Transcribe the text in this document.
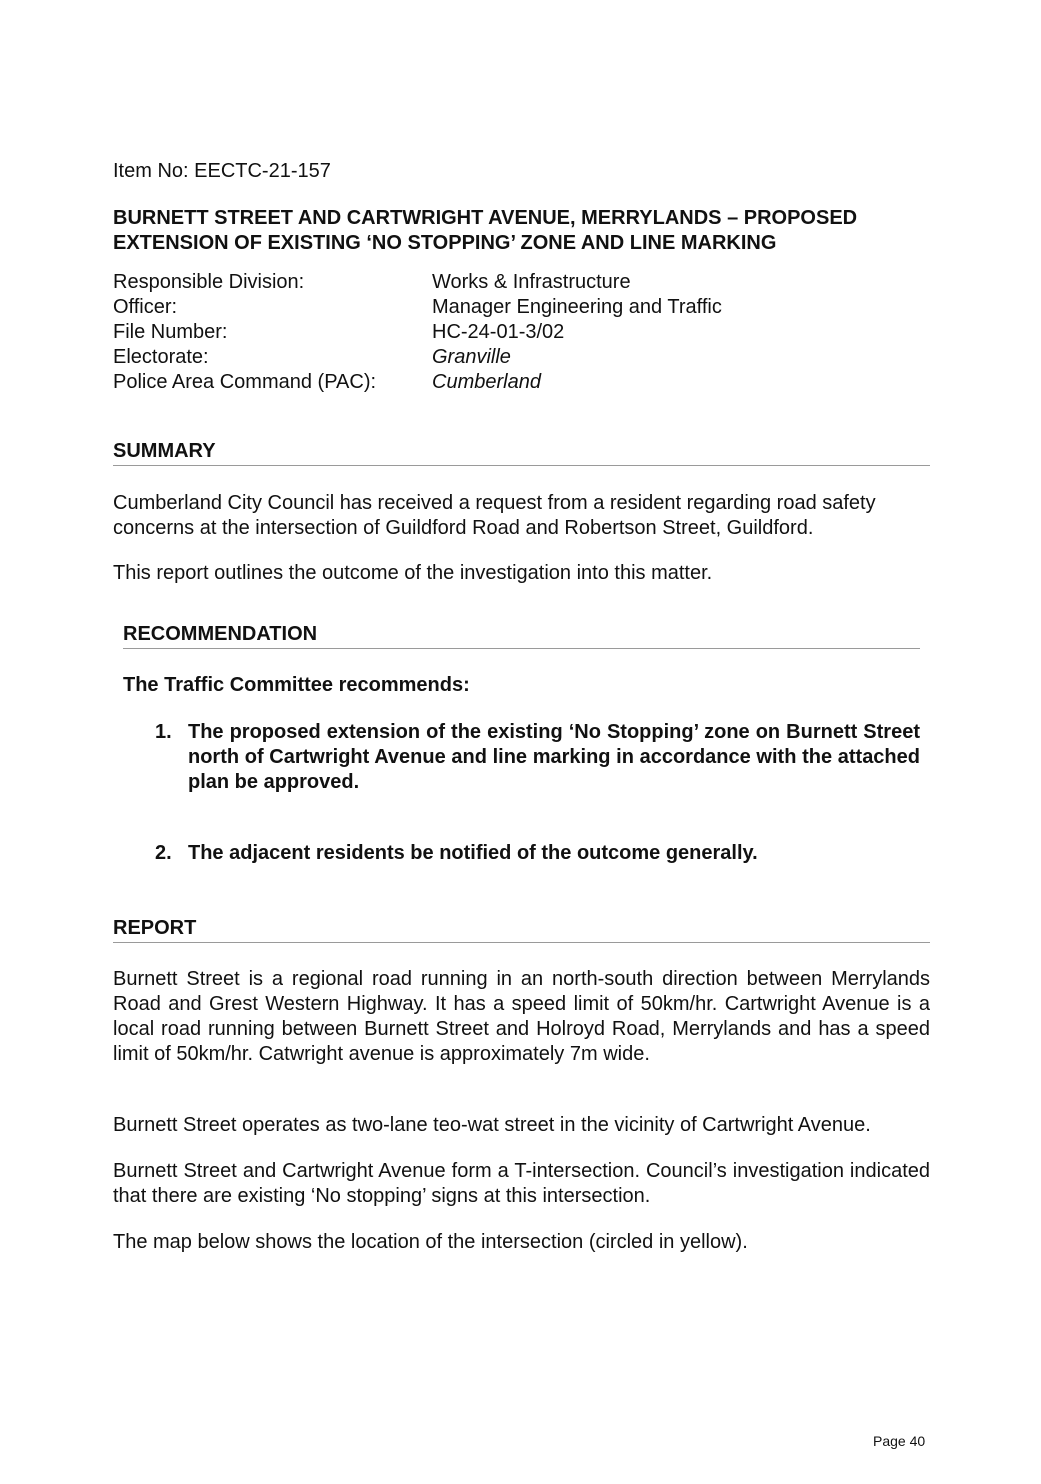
Item No: EECTC-21-157
BURNETT STREET AND CARTWRIGHT AVENUE, MERRYLANDS – PROPOSED
EXTENSION OF EXISTING ‘NO STOPPING’ ZONE AND LINE MARKING
Responsible Division:	Works & Infrastructure
Officer:	Manager Engineering and Traffic
File Number:	HC-24-01-3/02
Electorate:	Granville
Police Area Command (PAC):	Cumberland
SUMMARY

Cumberland City Council has received a request from a resident regarding road safety concerns at the intersection of Guildford Road and Robertson Street, Guildford.

This report outlines the outcome of the investigation into this matter.

RECOMMENDATION
The Traffic Committee recommends:
1. The proposed extension of the existing ‘No Stopping’ zone on Burnett Street north of Cartwright Avenue and line marking in accordance with the attached plan be approved.
2. The adjacent residents be notified of the outcome generally.
REPORT

Burnett Street is a regional road running in an north-south direction between Merrylands Road and Grest Western Highway. It has a speed limit of 50km/hr. Cartwright Avenue is a local road running between Burnett Street and Holroyd Road, Merrylands and has a speed limit of 50km/hr. Catwright avenue is approximately 7m wide.

Burnett Street operates as two-lane teo-wat street in the vicinity of Cartwright Avenue.

Burnett Street and Cartwright Avenue form a T-intersection. Council’s investigation indicated that there are existing ‘No stopping’ signs at this intersection.

The map below shows the location of the intersection (circled in yellow).

Page 40
